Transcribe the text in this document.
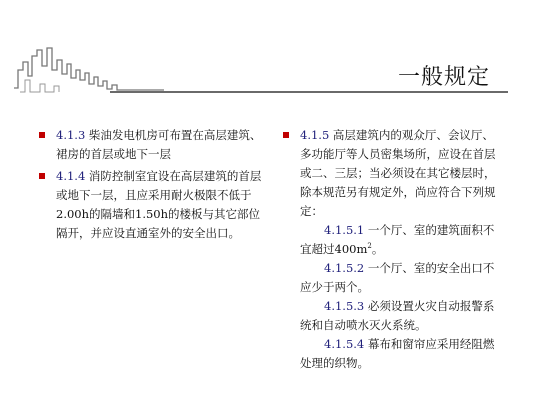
一般规定
4.1.3 柴油发电机房可布置在高层建筑、裙房的首层或地下一层
4.1.4 消防控制室宜设在高层建筑的首层或地下一层，且应采用耐火极限不低于2.00h的隔墙和1.50h的楼板与其它部位隔开，并应设直通室外的安全出口。
4.1.5 高层建筑内的观众厅、会议厅、多功能厅等人员密集场所，应设在首层或二、三层；当必须设在其它楼层时，除本规范另有规定外，尚应符合下列规定：
4.1.5.1 一个厅、室的建筑面积不宜超过$400m^2$。
4.1.5.2 一个厅、室的安全出口不应少于两个。
4.1.5.3 必须设置火灾自动报警系统和自动喷水灭火系统。
4.1.5.4 幕布和窗帘应采用经阻燃处理的织物。
